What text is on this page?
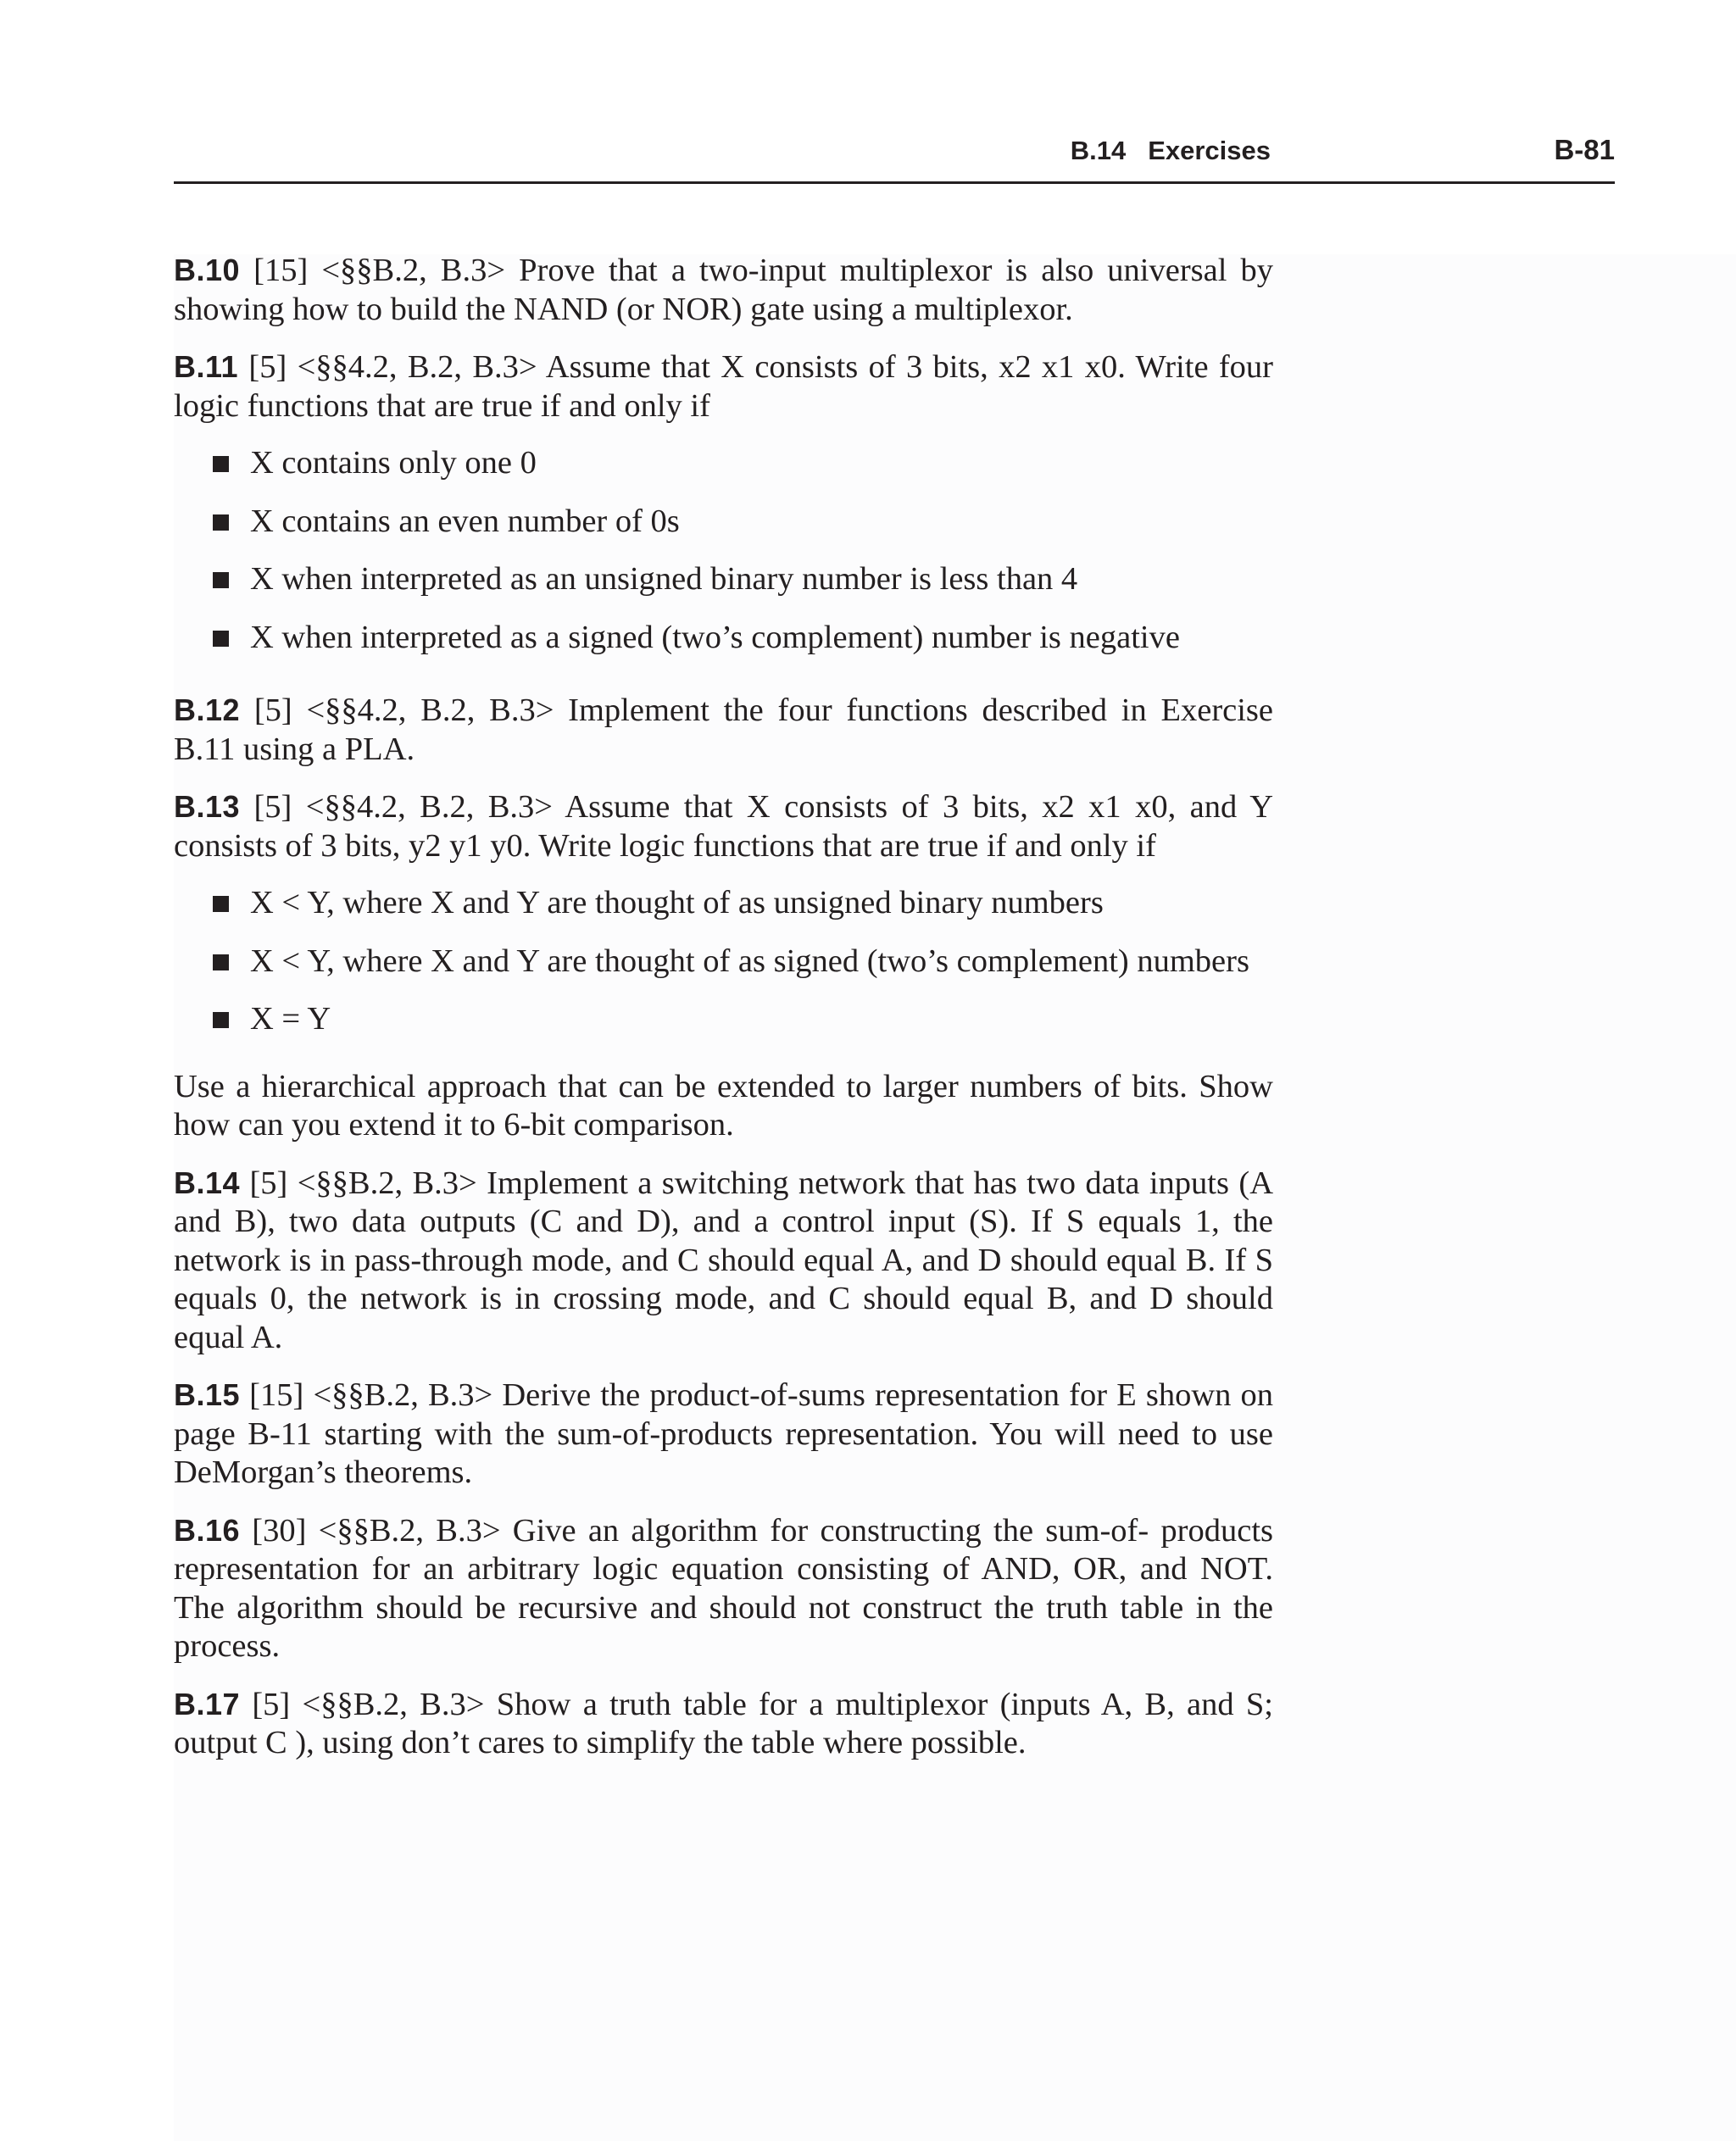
B.14 Exercises	B-81

B.10 [15] <§§B.2, B.3> Prove that a two-input multiplexor is also universal by showing how to build the NAND (or NOR) gate using a multiplexor.

B.11 [5] <§§4.2, B.2, B.3> Assume that X consists of 3 bits, x2 x1 x0. Write four logic functions that are true if and only if

X contains only one 0
X contains an even number of 0s
X when interpreted as an unsigned binary number is less than 4
X when interpreted as a signed (two’s complement) number is negative

B.12 [5] <§§4.2, B.2, B.3> Implement the four functions described in Exercise B.11 using a PLA.

B.13 [5] <§§4.2, B.2, B.3> Assume that X consists of 3 bits, x2 x1 x0, and Y consists of 3 bits, y2 y1 y0. Write logic functions that are true if and only if

X < Y, where X and Y are thought of as unsigned binary numbers
X < Y, where X and Y are thought of as signed (two’s complement) numbers
X = Y

Use a hierarchical approach that can be extended to larger numbers of bits. Show how can you extend it to 6-bit comparison.

B.14 [5] <§§B.2, B.3> Implement a switching network that has two data inputs (A and B), two data outputs (C and D), and a control input (S). If S equals 1, the network is in pass-through mode, and C should equal A, and D should equal B. If S equals 0, the network is in crossing mode, and C should equal B, and D should equal A.

B.15 [15] <§§B.2, B.3> Derive the product-of-sums representation for E shown on page B-11 starting with the sum-of-products representation. You will need to use DeMorgan’s theorems.

B.16 [30] <§§B.2, B.3> Give an algorithm for constructing the sum-of- products representation for an arbitrary logic equation consisting of AND, OR, and NOT. The algorithm should be recursive and should not construct the truth table in the process.

B.17 [5] <§§B.2, B.3> Show a truth table for a multiplexor (inputs A, B, and S; output C ), using don’t cares to simplify the table where possible.
